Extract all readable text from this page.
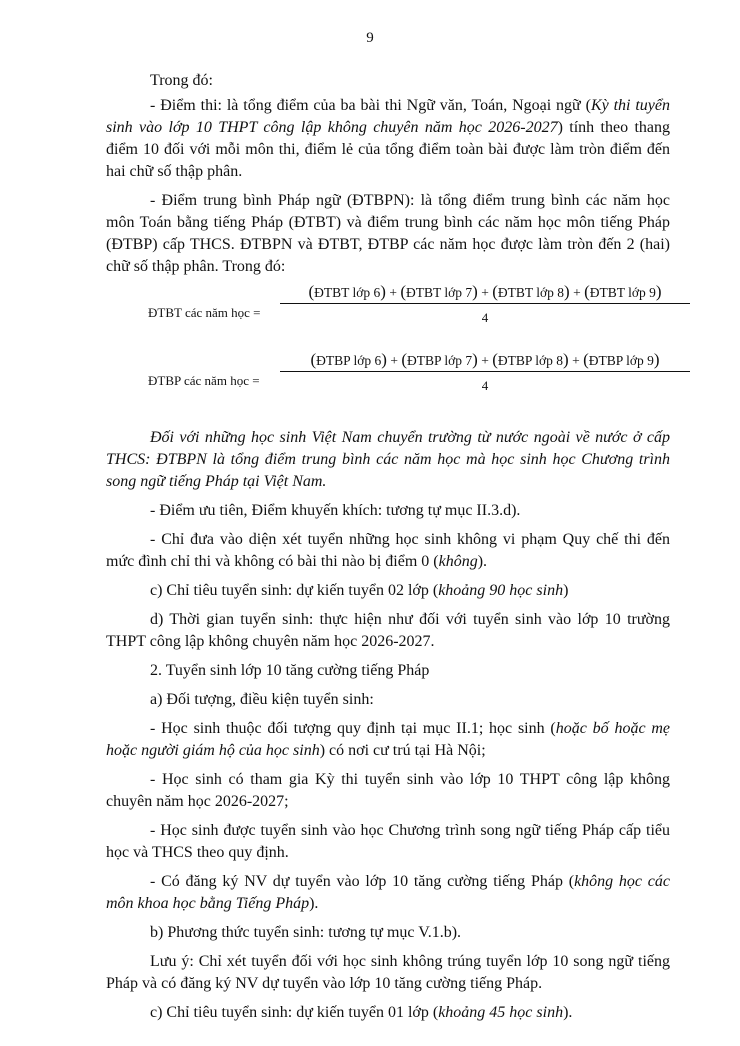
9

Trong đó:

- Điểm thi: là tổng điểm của ba bài thi Ngữ văn, Toán, Ngoại ngữ (Kỳ thi tuyển sinh vào lớp 10 THPT công lập không chuyên năm học 2026-2027) tính theo thang điểm 10 đối với mỗi môn thi, điểm lẻ của tổng điểm toàn bài được làm tròn điểm đến hai chữ số thập phân.

- Điểm trung bình Pháp ngữ (ĐTBPN): là tổng điểm trung bình các năm học môn Toán bằng tiếng Pháp (ĐTBT) và điểm trung bình các năm học môn tiếng Pháp (ĐTBP) cấp THCS. ĐTBPN và ĐTBT, ĐTBP các năm học được làm tròn đến 2 (hai) chữ số thập phân. Trong đó:

ĐTBT các năm học =
(ĐTBT lớp 6) + (ĐTBT lớp 7) + (ĐTBT lớp 8) + (ĐTBT lớp 9)
4
ĐTBP các năm học =
(ĐTBP lớp 6) + (ĐTBP lớp 7) + (ĐTBP lớp 8) + (ĐTBP lớp 9)
4

Đối với những học sinh Việt Nam chuyển trường từ nước ngoài về nước ở cấp THCS: ĐTBPN là tổng điểm trung bình các năm học mà học sinh học Chương trình song ngữ tiếng Pháp tại Việt Nam.

- Điểm ưu tiên, Điểm khuyến khích: tương tự mục II.3.d).

- Chỉ đưa vào diện xét tuyển những học sinh không vi phạm Quy chế thi đến mức đình chỉ thi và không có bài thi nào bị điểm 0 (không).

c) Chỉ tiêu tuyển sinh: dự kiến tuyển 02 lớp (khoảng 90 học sinh)

d) Thời gian tuyển sinh: thực hiện như đối với tuyển sinh vào lớp 10 trường THPT công lập không chuyên năm học 2026-2027.

2. Tuyển sinh lớp 10 tăng cường tiếng Pháp

a) Đối tượng, điều kiện tuyển sinh:

- Học sinh thuộc đối tượng quy định tại mục II.1; học sinh (hoặc bố hoặc mẹ hoặc người giám hộ của học sinh) có nơi cư trú tại Hà Nội;

- Học sinh có tham gia Kỳ thi tuyển sinh vào lớp 10 THPT công lập không chuyên năm học 2026-2027;

- Học sinh được tuyển sinh vào học Chương trình song ngữ tiếng Pháp cấp tiểu học và THCS theo quy định.

- Có đăng ký NV dự tuyển vào lớp 10 tăng cường tiếng Pháp (không học các môn khoa học bằng Tiếng Pháp).

b) Phương thức tuyển sinh: tương tự mục V.1.b).

Lưu ý: Chỉ xét tuyển đối với học sinh không trúng tuyển lớp 10 song ngữ tiếng Pháp và có đăng ký NV dự tuyển vào lớp 10 tăng cường tiếng Pháp.

c) Chỉ tiêu tuyển sinh: dự kiến tuyển 01 lớp (khoảng 45 học sinh).
